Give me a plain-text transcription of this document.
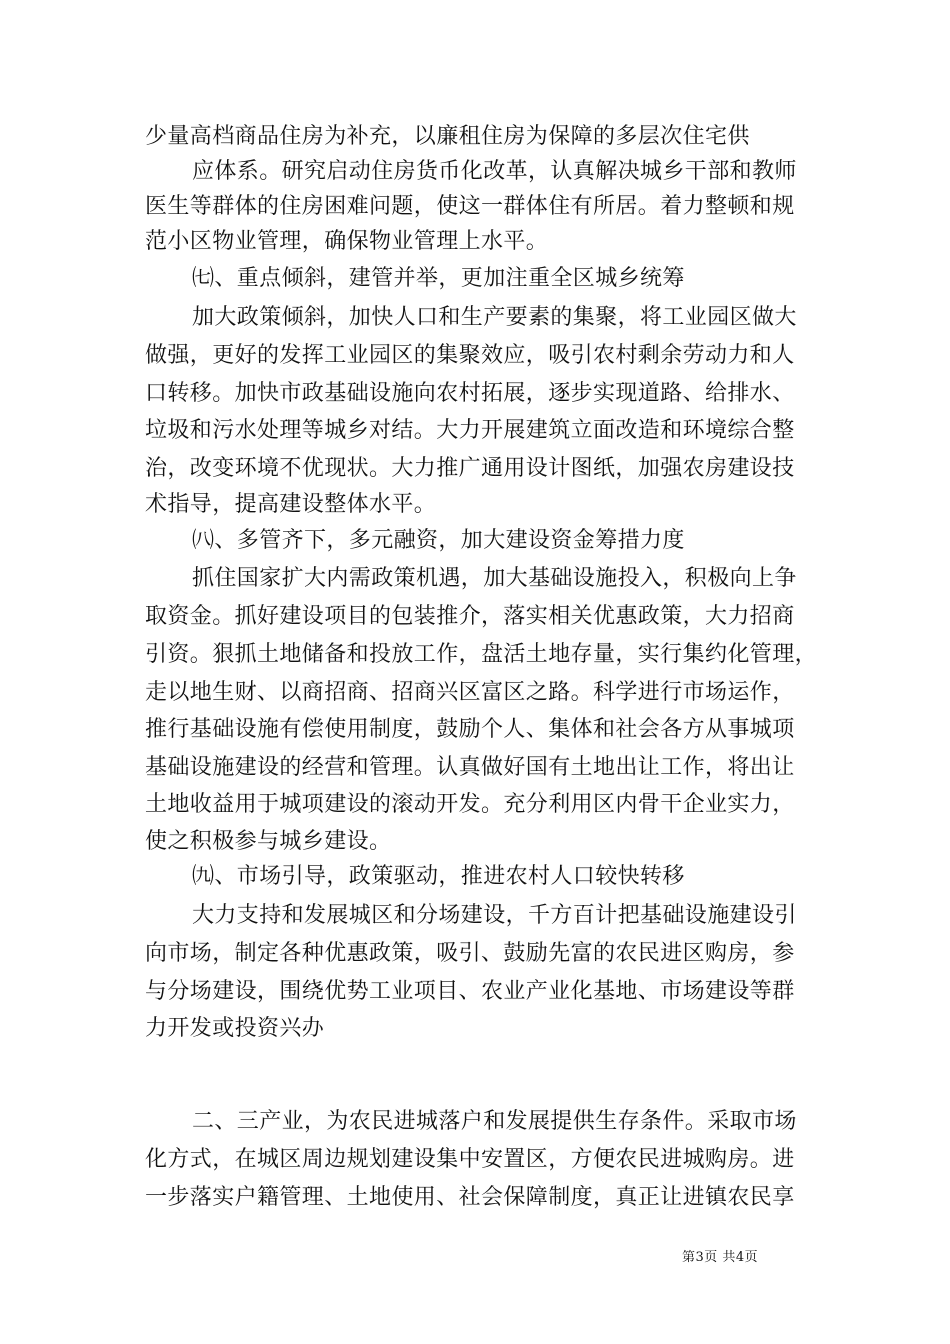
少量高档商品住房为补充，以廉租住房为保障的多层次住宅供
应体系。研究启动住房货币化改革，认真解决城乡干部和教师
医生等群体的住房困难问题，使这一群体住有所居。着力整顿和规
范小区物业管理，确保物业管理上水平。
㈦、重点倾斜，建管并举，更加注重全区城乡统筹
加大政策倾斜，加快人口和生产要素的集聚，将工业园区做大
做强，更好的发挥工业园区的集聚效应，吸引农村剩余劳动力和人
口转移。加快市政基础设施向农村拓展，逐步实现道路、给排水、
垃圾和污水处理等城乡对结。大力开展建筑立面改造和环境综合整
治，改变环境不优现状。大力推广通用设计图纸，加强农房建设技
术指导，提高建设整体水平。
㈧、多管齐下，多元融资，加大建设资金筹措力度
抓住国家扩大内需政策机遇，加大基础设施投入，积极向上争
取资金。抓好建设项目的包装推介，落实相关优惠政策，大力招商
引资。狠抓土地储备和投放工作，盘活土地存量，实行集约化管理，
走以地生财、以商招商、招商兴区富区之路。科学进行市场运作，
推行基础设施有偿使用制度，鼓励个人、集体和社会各方从事城项
基础设施建设的经营和管理。认真做好国有土地出让工作，将出让
土地收益用于城项建设的滚动开发。充分利用区内骨干企业实力，
使之积极参与城乡建设。
㈨、市场引导，政策驱动，推进农村人口较快转移
大力支持和发展城区和分场建设，千方百计把基础设施建设引
向市场，制定各种优惠政策，吸引、鼓励先富的农民进区购房，参
与分场建设，围绕优势工业项目、农业产业化基地、市场建设等群
力开发或投资兴办
二、三产业，为农民进城落户和发展提供生存条件。采取市场
化方式，在城区周边规划建设集中安置区，方便农民进城购房。进
一步落实户籍管理、土地使用、社会保障制度，真正让进镇农民享
第3页 共4页
